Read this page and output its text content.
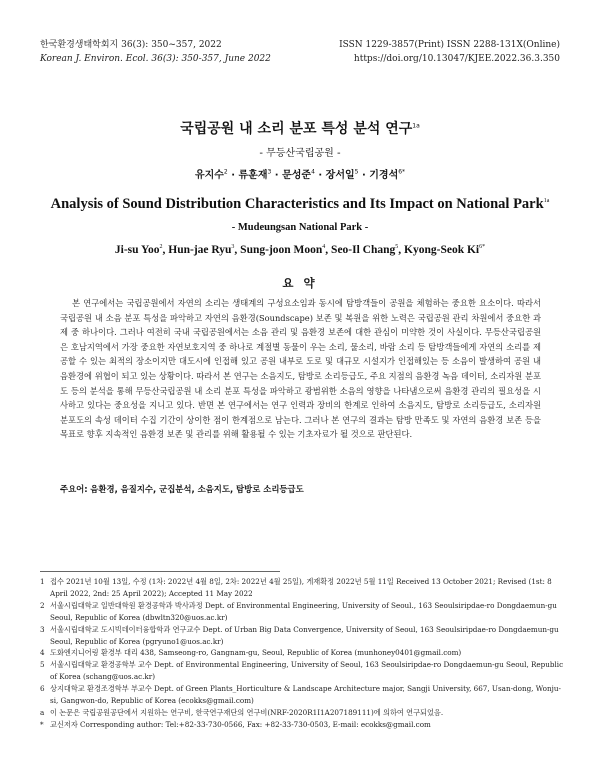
한국환경생태학회지 36(3): 350~357, 2022
Korean J. Environ. Ecol. 36(3): 350-357, June 2022
ISSN 1229-3857(Print) ISSN 2288-131X(Online)
https://doi.org/10.13047/KJEE.2022.36.3.350
국립공원 내 소리 분포 특성 분석 연구$^{1a}$
- 무등산국립공원 -
유지수$^2$ · 류훈재$^3$ · 문성준$^4$ · 장서일$^5$ · 기경석$^{6*}$
Analysis of Sound Distribution Characteristics and Its Impact on National Park$^{1a}$
- Mudeungsan National Park -
Ji-su Yoo$^2$, Hun-jae Ryu$^3$, Sung-joon Moon$^4$, Seo-Il Chang$^5$, Kyong-Seok $Ki^{6*}$
요 약

본 연구에서는 국립공원에서 자연의 소리는 생태계의 구성요소임과 동시에 탐방객들이 공원을 체험하는 중요한 요소이다. 따라서 국립공원 내 소음 분포 특성을 파악하고 자연의 음환경(Soundscape) 보존 및 복원을 위한 노력은 국립공원 관리 차원에서 중요한 과제 중 하나이다. 그러나 여전히 국내 국립공원에서는 소음 관리 및 음환경 보존에 대한 관심이 미약한 것이 사실이다. 무등산국립공원은 호남지역에서 가장 중요한 자연보호지역 중 하나로 계절별 동물이 우는 소리, 물소리, 바람 소리 등 탐방객들에게 자연의 소리를 제공할 수 있는 최적의 장소이지만 대도시에 인접해 있고 공원 내부로 도로 및 대규모 시설지가 인접해있는 등 소음이 발생하여 공원 내 음환경에 위협이 되고 있는 상황이다. 따라서 본 연구는 소음지도, 탐방로 소리등급도, 주요 지점의 음환경 녹음 데이터, 소리자원 분포도 등의 분석을 통해 무등산국립공원 내 소리 분포 특성을 파악하고 광범위한 소음의 영향을 나타냄으로써 음환경 관리의 필요성을 시사하고 있다는 중요성을 지니고 있다. 반면 본 연구에서는 연구 인력과 장비의 한계로 인하여 소음지도, 탐방로 소리등급도, 소리자원 분포도의 속성 데이터 수집 기간이 상이한 점이 한계점으로 남는다. 그러나 본 연구의 결과는 탐방 만족도 및 자연의 음환경 보존 등을 목표로 향후 지속적인 음환경 보존 및 관리를 위해 활용될 수 있는 기초자료가 될 것으로 판단된다.

주요어: 음환경, 음질지수, 군집분석, 소음지도, 탐방로 소리등급도
1 접수 2021년 10월 13일, 수정 (1차: 2022년 4월 8일, 2차: 2022년 4월 25일), 게재확정 2022년 5월 11일 Received 13 October 2021; Revised (1st: 8 April 2022, 2nd: 25 April 2022); Accepted 11 May 2022
2 서울시립대학교 일반대학원 환경공학과 박사과정 Dept. of Environmental Engineering, University of Seoul., 163 Seoulsiripdae-ro Dongdaemun-gu Seoul, Republic of Korea (dbwltn320@uos.ac.kr)
3 서울시립대학교 도시빅데이터융합학과 연구교수 Dept. of Urban Big Data Convergence, University of Seoul, 163 Seoulsiripdae-ro Dongdaemun-gu Seoul, Republic of Korea (pgryuno1@uos.ac.kr)
4 도화엔지니어링 환경부 대리 438, Samseong-ro, Gangnam-gu, Seoul, Republic of Korea (munhoney0401@gmail.com)
5 서울시립대학교 환경공학부 교수 Dept. of Environmental Engineering, University of Seoul, 163 Seoulsiripdae-ro Dongdaemun-gu Seoul, Republic of Korea (schang@uos.ac.kr)
6 상지대학교 환경조경학부 부교수 Dept. of Green Plants_Horticulture & Landscape Architecture major, Sangji University, 667, Usan-dong, Wonju-si, Gangwon-do, Republic of Korea (ecokks@gmail.com)
a 이 논문은 국립공원공단에서 지원하는 연구비, 한국연구재단의 연구비(NRF-2020R1I1A207189111)에 의하여 연구되었음.
* 교신저자 Corresponding author: Tel:+82-33-730-0566, Fax: +82-33-730-0503, E-mail: ecokks@gmail.com
